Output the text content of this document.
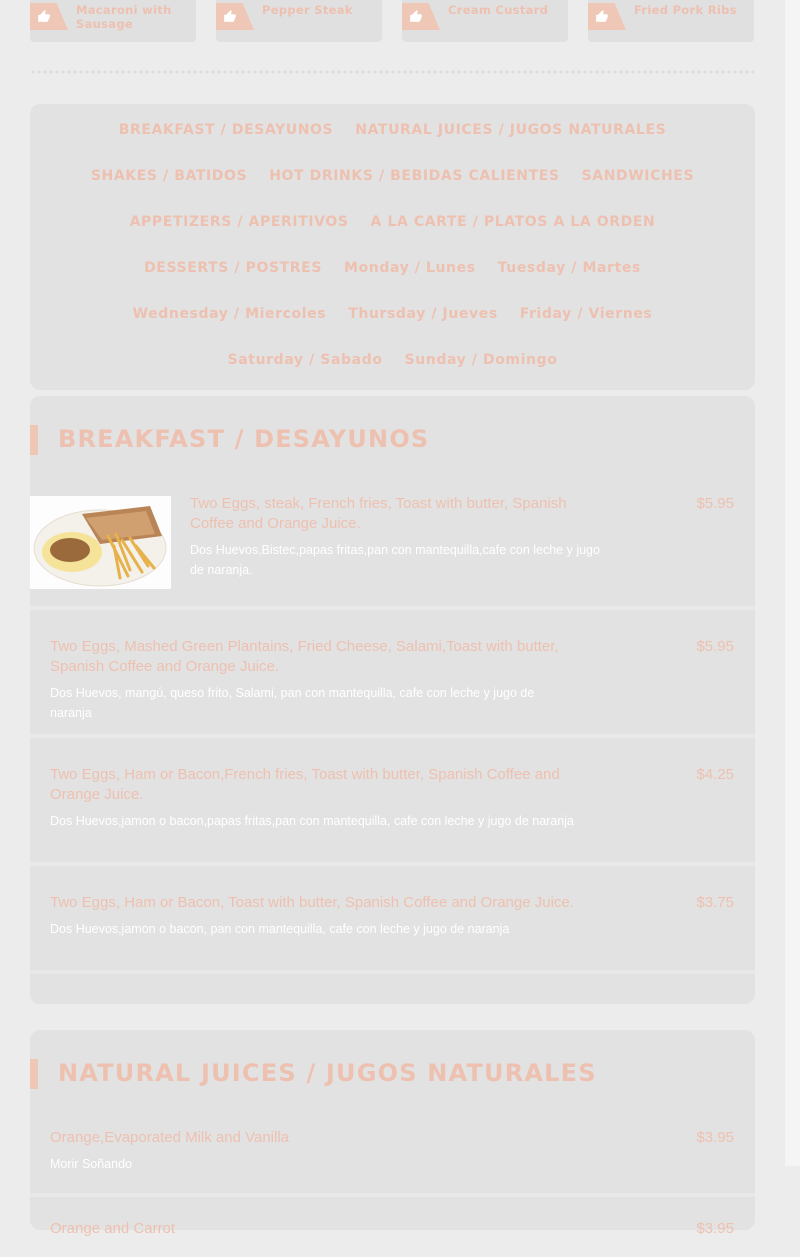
Macaroni with Sausage
Pepper Steak	Cream Custard	Fried Pork Ribs
BREAKFAST / DESAYUNOS	NATURAL JUICES / JUGOS NATURALES
SHAKES / BATIDOS	HOT DRINKS / BEBIDAS CALIENTES	SANDWICHES
APPETIZERS / APERITIVOS	A LA CARTE / PLATOS A LA ORDEN
DESSERTS / POSTRES	Monday / Lunes	Tuesday / Martes
Wednesday / Miercoles	Thursday / Jueves	Friday / Viernes
Saturday / Sabado	Sunday / Domingo
BREAKFAST / DESAYUNOS
Two Eggs, steak, French fries, Toast with butter, Spanish Coffee and Orange Juice.
Dos Huevos,Bistec,papas fritas,pan con mantequilla,cafe con leche y jugo de naranja.
$5.95
Two Eggs, Mashed Green Plantains, Fried Cheese, Salami,Toast with butter, Spanish Coffee and Orange Juice.
Dos Huevos, mangú, queso frito, Salami, pan con mantequilla, cafe con leche y jugo de naranja
$5.95
Two Eggs, Ham or Bacon,French fries, Toast with butter, Spanish Coffee and Orange Juice.
Dos Huevos,jamon o bacon,papas fritas,pan con mantequilla, cafe con leche y jugo de naranja
$4.25
Two Eggs, Ham or Bacon, Toast with butter, Spanish Coffee and Orange Juice.
Dos Huevos,jamon o bacon, pan con mantequilla, cafe con leche y jugo de naranja
$3.75
NATURAL JUICES / JUGOS NATURALES
Orange,Evaporated Milk and Vanilla
Morir Soñando
$3.95
Orange and Carrot	$3.95
